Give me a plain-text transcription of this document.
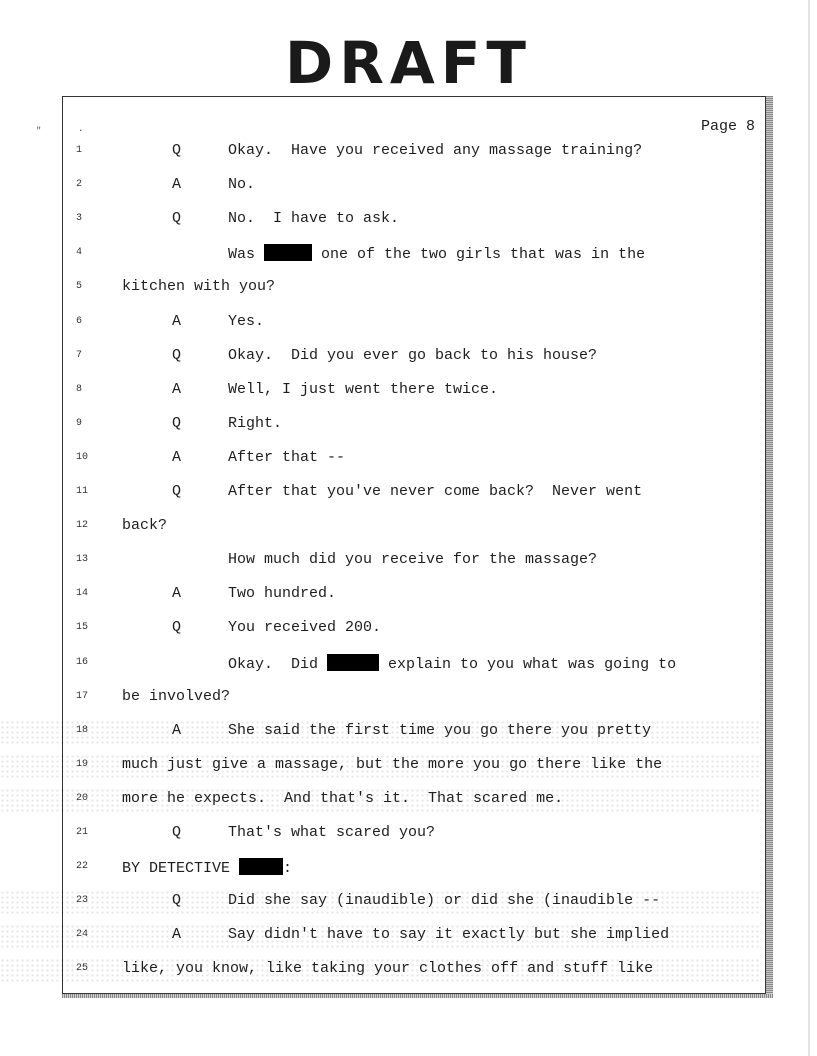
DRAFT
"	.	Page 8
1	Q	Okay.  Have you received any massage training?
2	A	No.
3	Q	No.  I have to ask.
4	Was	one of the two girls that was in the
5	kitchen with you?
6	A	Yes.
7	Q	Okay.  Did you ever go back to his house?
8	A	Well, I just went there twice.
9	Q	Right.
10	A	After that --
11	Q	After that you've never come back?  Never went
12 back?
13	How much did you receive for the massage?
14	A	Two hundred.
15	Q	You received 200.
16	Okay.  Did	explain to you what was going to
17 be involved?
18	A	She said the first time you go there you pretty
19 much just give a massage, but the more you go there like the
20 more he expects.  And that's it.  That scared me.
21	Q	That's what scared you?
22 BY DETECTIVE	:
23	Q	Did she say (inaudible) or did she (inaudible --
24	A	Say didn't have to say it exactly but she implied
25 like, you know, like taking your clothes off and stuff like
